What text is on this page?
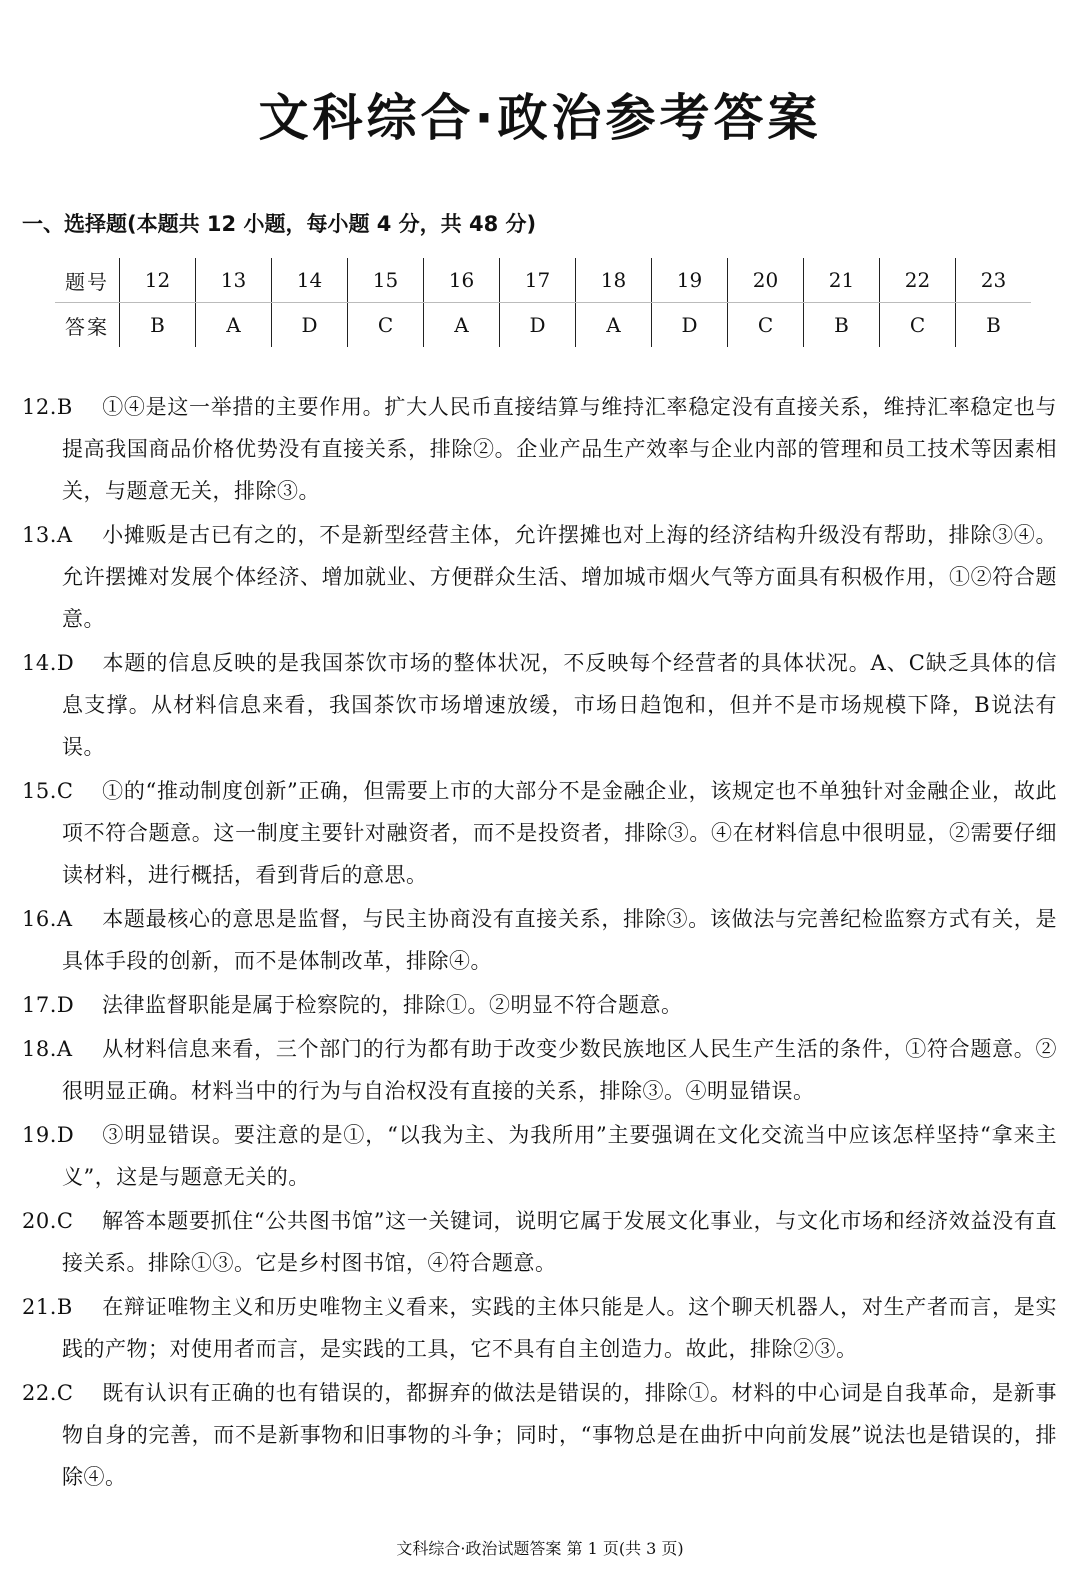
文科综合·政治参考答案
一、选择题(本题共 12 小题，每小题 4 分，共 48 分)
题号	12	13	14	15	16	17	18	19	20	21	22	23
答案	B	A	D	C	A	D	A	D	C	B	C	B
12.B ①④是这一举措的主要作用。扩大人民币直接结算与维持汇率稳定没有直接关系，维持汇率稳定也与提高我国商品价格优势没有直接关系，排除②。企业产品生产效率与企业内部的管理和员工技术等因素相关，与题意无关，排除③。
13.A 小摊贩是古已有之的，不是新型经营主体，允许摆摊也对上海的经济结构升级没有帮助，排除③④。允许摆摊对发展个体经济、增加就业、方便群众生活、增加城市烟火气等方面具有积极作用，①②符合题意。
14.D 本题的信息反映的是我国茶饮市场的整体状况，不反映每个经营者的具体状况。A、C缺乏具体的信息支撑。从材料信息来看，我国茶饮市场增速放缓，市场日趋饱和，但并不是市场规模下降，B说法有误。
15.C ①的“推动制度创新”正确，但需要上市的大部分不是金融企业，该规定也不单独针对金融企业，故此项不符合题意。这一制度主要针对融资者，而不是投资者，排除③。④在材料信息中很明显，②需要仔细读材料，进行概括，看到背后的意思。
16.A 本题最核心的意思是监督，与民主协商没有直接关系，排除③。该做法与完善纪检监察方式有关，是具体手段的创新，而不是体制改革，排除④。
17.D 法律监督职能是属于检察院的，排除①。②明显不符合题意。
18.A 从材料信息来看，三个部门的行为都有助于改变少数民族地区人民生产生活的条件，①符合题意。②很明显正确。材料当中的行为与自治权没有直接的关系，排除③。④明显错误。
19.D ③明显错误。要注意的是①，“以我为主、为我所用”主要强调在文化交流当中应该怎样坚持“拿来主义”，这是与题意无关的。
20.C 解答本题要抓住“公共图书馆”这一关键词，说明它属于发展文化事业，与文化市场和经济效益没有直接关系。排除①③。它是乡村图书馆，④符合题意。
21.B 在辩证唯物主义和历史唯物主义看来，实践的主体只能是人。这个聊天机器人，对生产者而言，是实践的产物；对使用者而言，是实践的工具，它不具有自主创造力。故此，排除②③。
22.C 既有认识有正确的也有错误的，都摒弃的做法是错误的，排除①。材料的中心词是自我革命，是新事物自身的完善，而不是新事物和旧事物的斗争；同时，“事物总是在曲折中向前发展”说法也是错误的，排除④。
文科综合·政治试题答案 第 1 页(共 3 页)
